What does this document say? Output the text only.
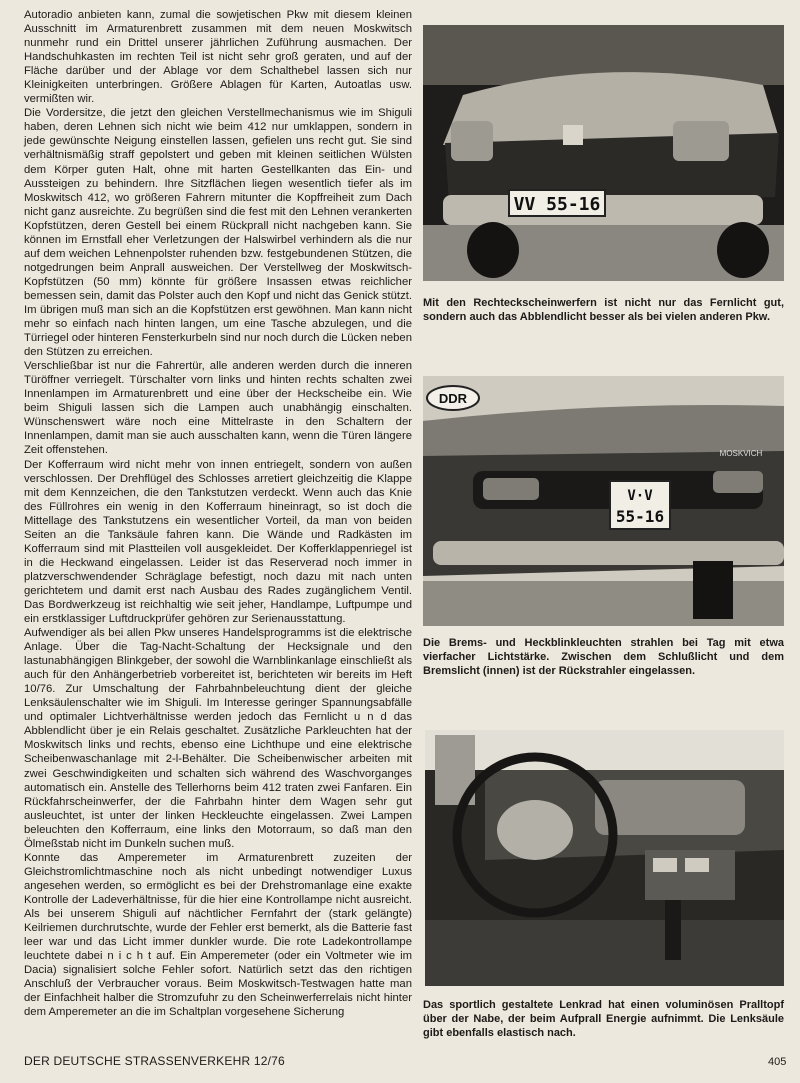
Autoradio anbieten kann, zumal die sowjetischen Pkw mit diesem kleinen Ausschnitt im Armaturenbrett zusammen mit dem neuen Moskwitsch nunmehr rund ein Drittel unserer jährlichen Zuführung ausmachen. Der Handschuhkasten im rechten Teil ist nicht sehr groß geraten, und auf der Fläche darüber und der Ablage vor dem Schalthebel lassen sich nur Kleinigkeiten unterbringen. Größere Ablagen für Karten, Autoatlas usw. vermißten wir.

Die Vordersitze, die jetzt den gleichen Verstellmechanismus wie im Shiguli haben, deren Lehnen sich nicht wie beim 412 nur umklappen, sondern in jede gewünschte Neigung einstellen lassen, gefielen uns recht gut. Sie sind verhältnismäßig straff gepolstert und geben mit kleinen seitlichen Wülsten dem Körper guten Halt, ohne mit harten Gestellkanten das Ein- und Aussteigen zu behindern. Ihre Sitzflächen liegen wesentlich tiefer als im Moskwitsch 412, wo größeren Fahrern mitunter die Kopffreiheit zum Dach nicht ganz ausreichte. Zu begrüßen sind die fest mit den Lehnen verankerten Kopfstützen, deren Gestell bei einem Rückprall nicht nachgeben kann. Sie können im Ernstfall eher Verletzungen der Halswirbel verhindern als die nur auf dem weichen Lehnenpolster ruhenden bzw. festgebundenen Stützen, die notgedrungen beim Anprall ausweichen. Der Verstellweg der Moskwitsch-Kopfstützen (50 mm) könnte für größere Insassen etwas reichlicher bemessen sein, damit das Polster auch den Kopf und nicht das Genick stützt. Im übrigen muß man sich an die Kopfstützen erst gewöhnen. Man kann nicht mehr so einfach nach hinten langen, um eine Tasche abzulegen, und die Türriegel oder hinteren Fensterkurbeln sind nur noch durch die Lücken neben den Stützen zu erreichen.

Verschließbar ist nur die Fahrertür, alle anderen werden durch die inneren Türöffner verriegelt. Türschalter vorn links und hinten rechts schalten zwei Innenlampen im Armaturenbrett und eine über der Heckscheibe ein. Wie beim Shiguli lassen sich die Lampen auch unabhängig einschalten. Wünschenswert wäre noch eine Mittelraste in den Schaltern der Innenlampen, damit man sie auch ausschalten kann, wenn die Türen längere Zeit offenstehen.

Der Kofferraum wird nicht mehr von innen entriegelt, sondern von außen verschlossen. Der Drehflügel des Schlosses arretiert gleichzeitig die Klappe mit dem Kennzeichen, die den Tankstutzen verdeckt. Wenn auch das Knie des Füllrohres ein wenig in den Kofferraum hineinragt, so ist doch die Mittellage des Tankstutzens ein wesentlicher Vorteil, da man von beiden Seiten an die Tanksäule fahren kann. Die Wände und Radkästen im Kofferraum sind mit Plastteilen voll ausgekleidet. Der Kofferklappenriegel ist in die Heckwand eingelassen. Leider ist das Reserverad noch immer in platzverschwendender Schräglage befestigt, noch dazu mit nach unten gerichtetem und damit erst nach Ausbau des Rades zugänglichem Ventil. Das Bordwerkzeug ist reichhaltig wie seit jeher, Handlampe, Luftpumpe und ein erstklassiger Luftdruckprüfer gehören zur Serienausstattung.

Aufwendiger als bei allen Pkw unseres Handelsprogramms ist die elektrische Anlage. Über die Tag-Nacht-Schaltung der Hecksignale und den lastunabhängigen Blinkgeber, der sowohl die Warnblinkanlage einschließt als auch für den Anhängerbetrieb vorbereitet ist, berichteten wir bereits im Heft 10/76. Zur Umschaltung der Fahrbahnbeleuchtung dient der gleiche Lenksäulenschalter wie im Shiguli. Im Interesse geringer Spannungsabfälle und optimaler Lichtverhältnisse werden jedoch das Fernlicht u n d das Abblendlicht über je ein Relais geschaltet. Zusätzliche Parkleuchten hat der Moskwitsch links und rechts, ebenso eine Lichthupe und eine elektrische Scheibenwaschanlage mit 2-l-Behälter. Die Scheibenwischer arbeiten mit zwei Geschwindigkeiten und schalten sich während des Waschvorganges automatisch ein. Anstelle des Tellerhorns beim 412 traten zwei Fanfaren. Ein Rückfahrscheinwerfer, der die Fahrbahn hinter dem Wagen sehr gut ausleuchtet, ist unter der linken Heckleuchte eingelassen. Zwei Lampen beleuchten den Kofferraum, eine links den Motorraum, so daß man den Ölmeßstab nicht im Dunkeln suchen muß.

Konnte das Amperemeter im Armaturenbrett zuzeiten der Gleichstromlichtmaschine noch als nicht unbedingt notwendiger Luxus angesehen werden, so ermöglicht es bei der Drehstromanlage eine exakte Kontrolle der Ladeverhältnisse, für die hier eine Kontrollampe nicht ausreicht. Als bei unserem Shiguli auf nächtlicher Fernfahrt der (stark gelängte) Keilriemen durchrutschte, wurde der Fehler erst bemerkt, als die Batterie fast leer war und das Licht immer dunkler wurde. Die rote Ladekontrollampe leuchtete dabei n i c h t auf. Ein Amperemeter (oder ein Voltmeter wie im Dacia) signalisiert solche Fehler sofort. Natürlich setzt das den richtigen Anschluß der Verbraucher voraus. Beim Moskwitsch-Testwagen hatte man der Einfachheit halber die Stromzufuhr zu den Scheinwerferrelais nicht hinter dem Amperemeter an die im Schaltplan vorgesehene Sicherung

VV 55-16
Mit den Rechteckscheinwerfern ist nicht nur das Fernlicht gut, sondern auch das Abblendlicht besser als bei vielen anderen Pkw.
DDR
MOSKVICH
V·V
55-16
Die Brems- und Heckblinkleuchten strahlen bei Tag mit etwa vierfacher Lichtstärke. Zwischen dem Schlußlicht und dem Bremslicht (innen) ist der Rückstrahler eingelassen.
Das sportlich gestaltete Lenkrad hat einen voluminösen Pralltopf über der Nabe, der beim Aufprall Energie aufnimmt. Die Lenksäule gibt ebenfalls elastisch nach.
DER DEUTSCHE STRASSENVERKEHR 12/76	405
